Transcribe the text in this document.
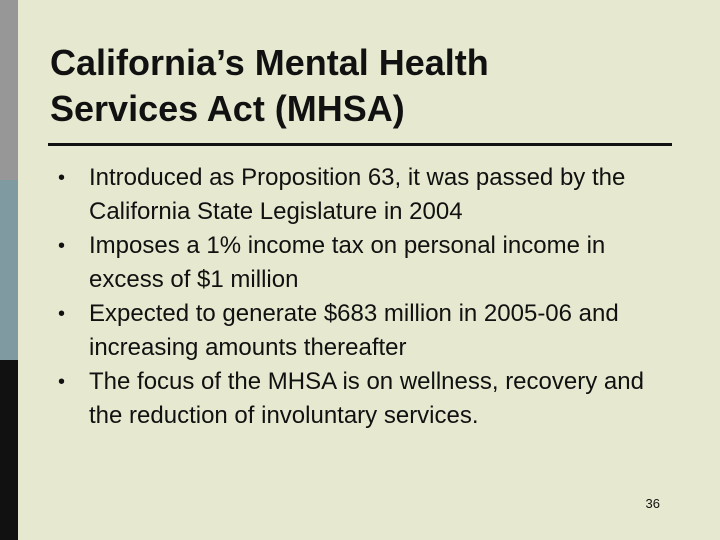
California’s Mental Health
Services Act (MHSA)
• Introduced as Proposition 63, it was passed by the California State Legislature in 2004
• Imposes a 1% income tax on personal income in excess of $1 million
• Expected to generate $683 million in 2005-06 and increasing amounts thereafter
• The focus of the MHSA is on wellness, recovery and the reduction of involuntary services.
36
